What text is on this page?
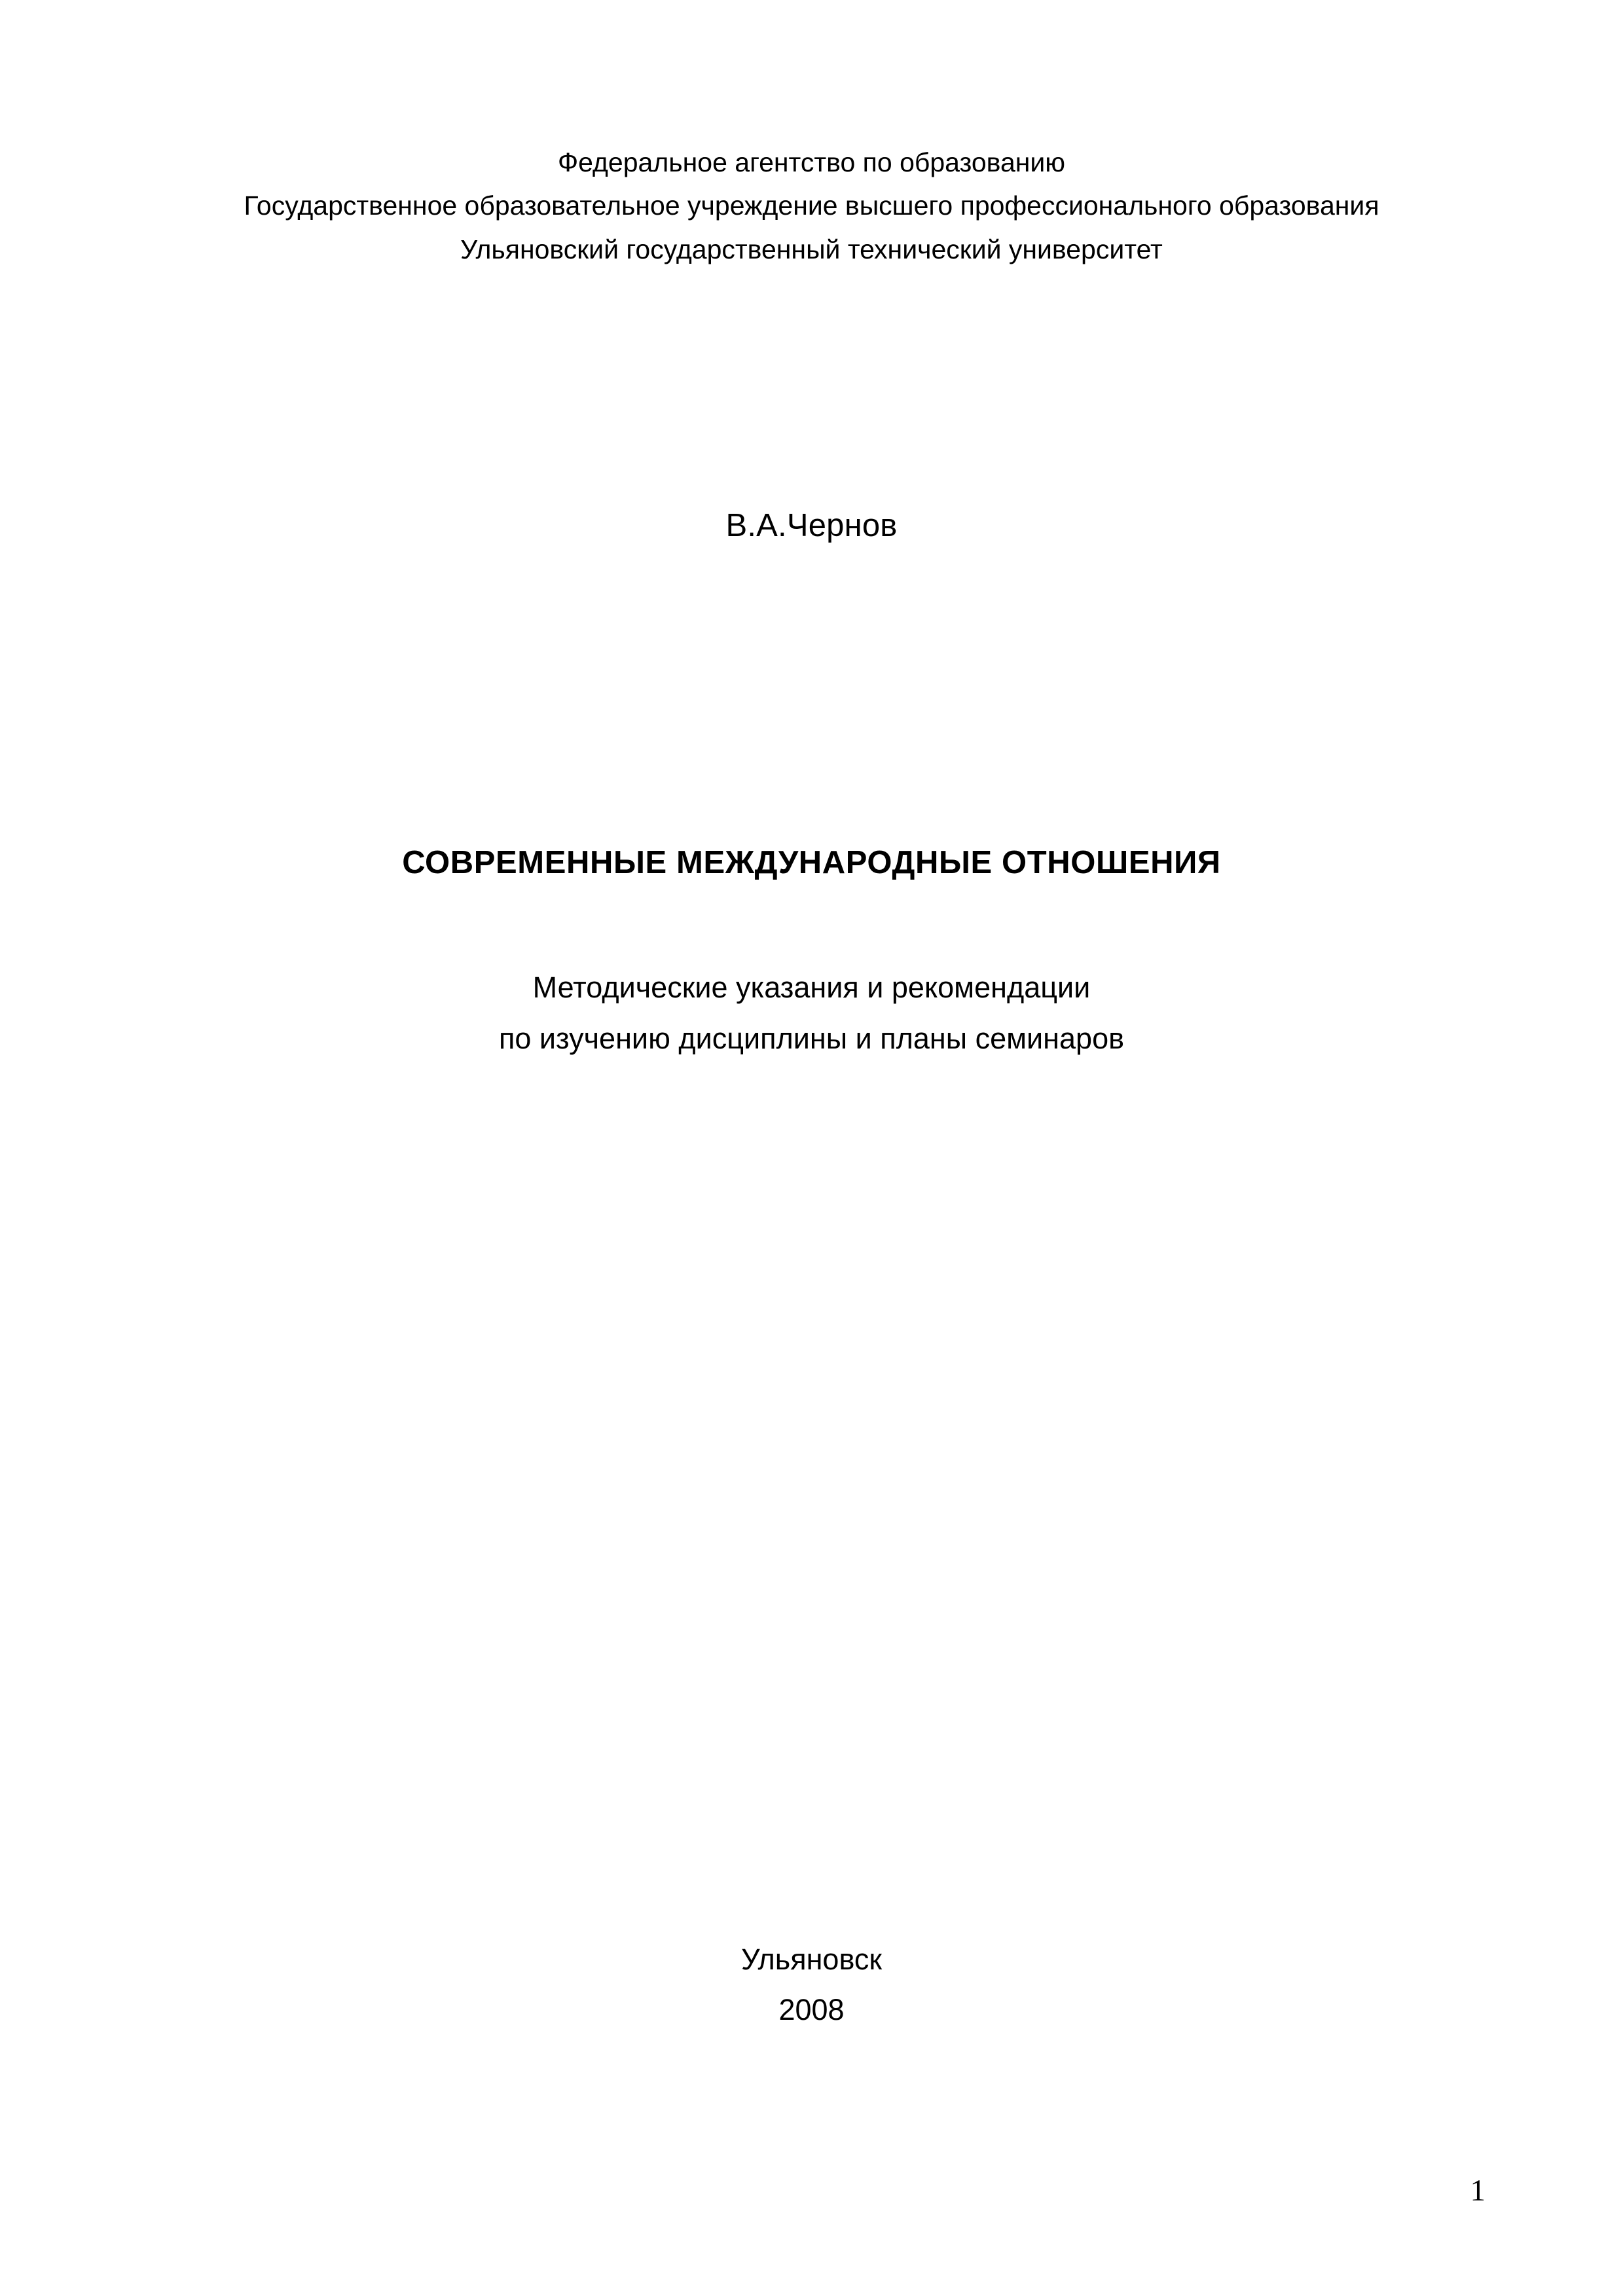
Федеральное агентство по образованию
Государственное образовательное учреждение высшего профессионального образования
Ульяновский государственный технический университет
В.А.Чернов
СОВРЕМЕННЫЕ МЕЖДУНАРОДНЫЕ ОТНОШЕНИЯ
Методические указания и рекомендации
по изучению дисциплины и планы семинаров
Ульяновск
2008
1
